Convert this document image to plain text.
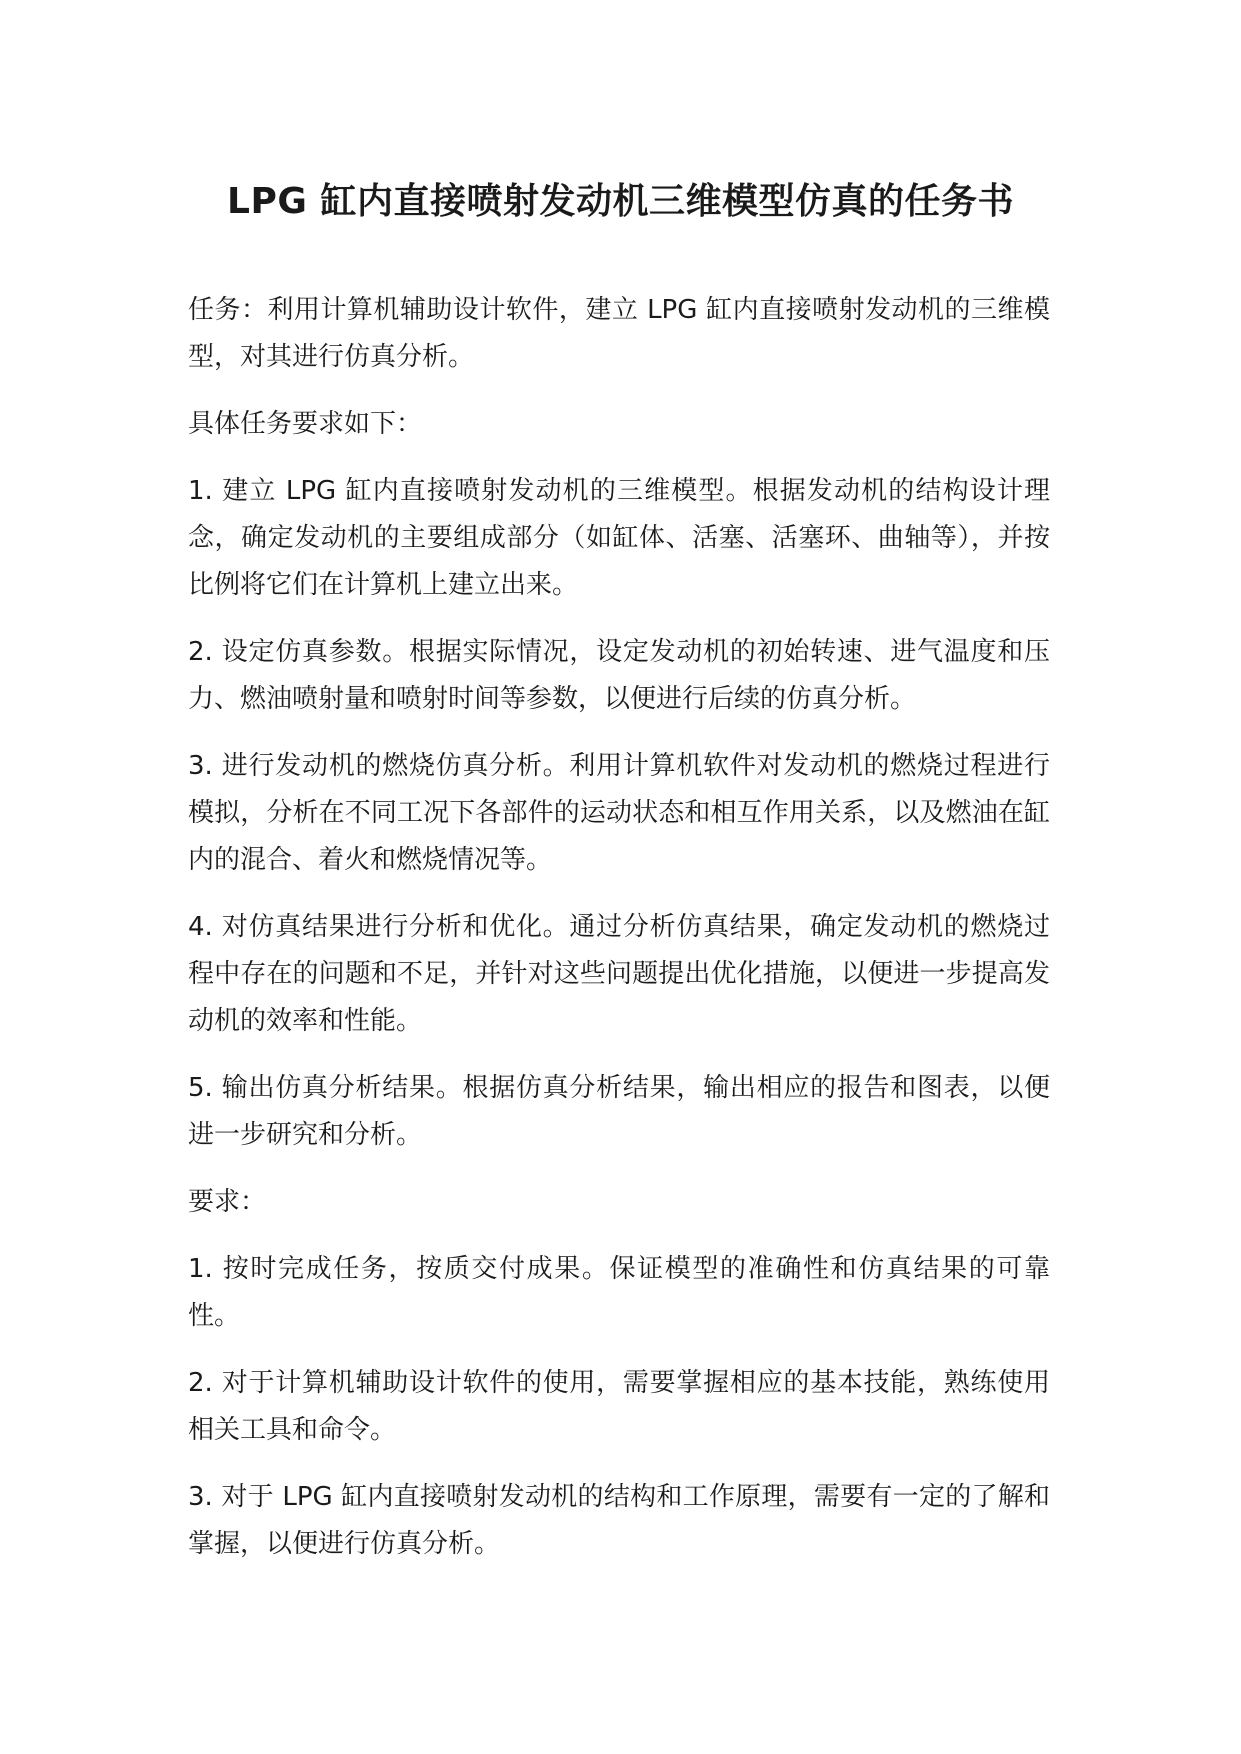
LPG 缸内直接喷射发动机三维模型仿真的任务书

任务：利用计算机辅助设计软件，建立 LPG 缸内直接喷射发动机的三维模型，对其进行仿真分析。

具体任务要求如下：

1. 建立 LPG 缸内直接喷射发动机的三维模型。根据发动机的结构设计理念，确定发动机的主要组成部分（如缸体、活塞、活塞环、曲轴等），并按比例将它们在计算机上建立出来。

2. 设定仿真参数。根据实际情况，设定发动机的初始转速、进气温度和压力、燃油喷射量和喷射时间等参数，以便进行后续的仿真分析。

3. 进行发动机的燃烧仿真分析。利用计算机软件对发动机的燃烧过程进行模拟，分析在不同工况下各部件的运动状态和相互作用关系，以及燃油在缸内的混合、着火和燃烧情况等。

4. 对仿真结果进行分析和优化。通过分析仿真结果，确定发动机的燃烧过程中存在的问题和不足，并针对这些问题提出优化措施，以便进一步提高发动机的效率和性能。

5. 输出仿真分析结果。根据仿真分析结果，输出相应的报告和图表，以便进一步研究和分析。

要求：

1. 按时完成任务，按质交付成果。保证模型的准确性和仿真结果的可靠性。

2. 对于计算机辅助设计软件的使用，需要掌握相应的基本技能，熟练使用相关工具和命令。

3. 对于 LPG 缸内直接喷射发动机的结构和工作原理，需要有一定的了解和掌握，以便进行仿真分析。
